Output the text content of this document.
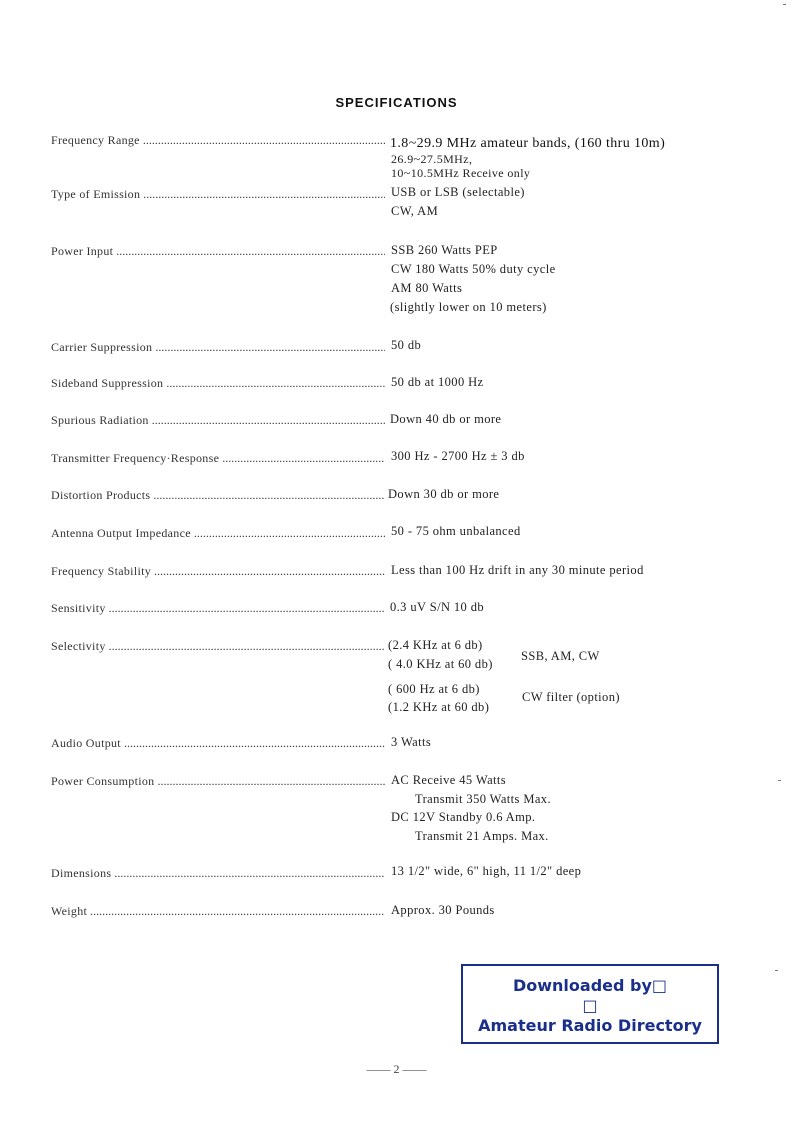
SPECIFICATIONS
Frequency Range .....	1.8~29.9 MHz amateur bands, (160 thru 10m)
26.9~27.5MHz,
10~10.5MHz Receive only
Type of Emission .....	USB or LSB (selectable)
CW, AM
Power Input .....	SSB 260 Watts PEP
CW 180 Watts 50% duty cycle
AM 80 Watts
(slightly lower on 10 meters)
Carrier Suppression .....	50 db
Sideband Suppression .....	50 db at 1000 Hz
Spurious Radiation .....	Down 40 db or more
Transmitter Frequency·Response .....	300 Hz - 2700 Hz ± 3 db
Distortion Products .....	Down 30 db or more
Antenna Output Impedance .....	50 - 75 ohm unbalanced
Frequency Stability .....	Less than 100 Hz drift in any 30 minute period
Sensitivity .....	0.3 uV S/N 10 db
Selectivity .....	(2.4 KHz at 6 db)
( 4.0 KHz at 60 db)
SSB, AM, CW
( 600 Hz at 6 db)
(1.2 KHz at 60 db)
CW filter (option)
Audio Output .....	3 Watts
Power Consumption .....	AC Receive 45 Watts
Transmit 350 Watts Max.
DC 12V Standby 0.6 Amp.
Transmit 21 Amps. Max.
Dimensions .....	13 1/2" wide, 6" high, 11 1/2" deep
Weight .....	Approx. 30 Pounds
Downloaded by□
□
Amateur Radio Directory
—— 2 ——
